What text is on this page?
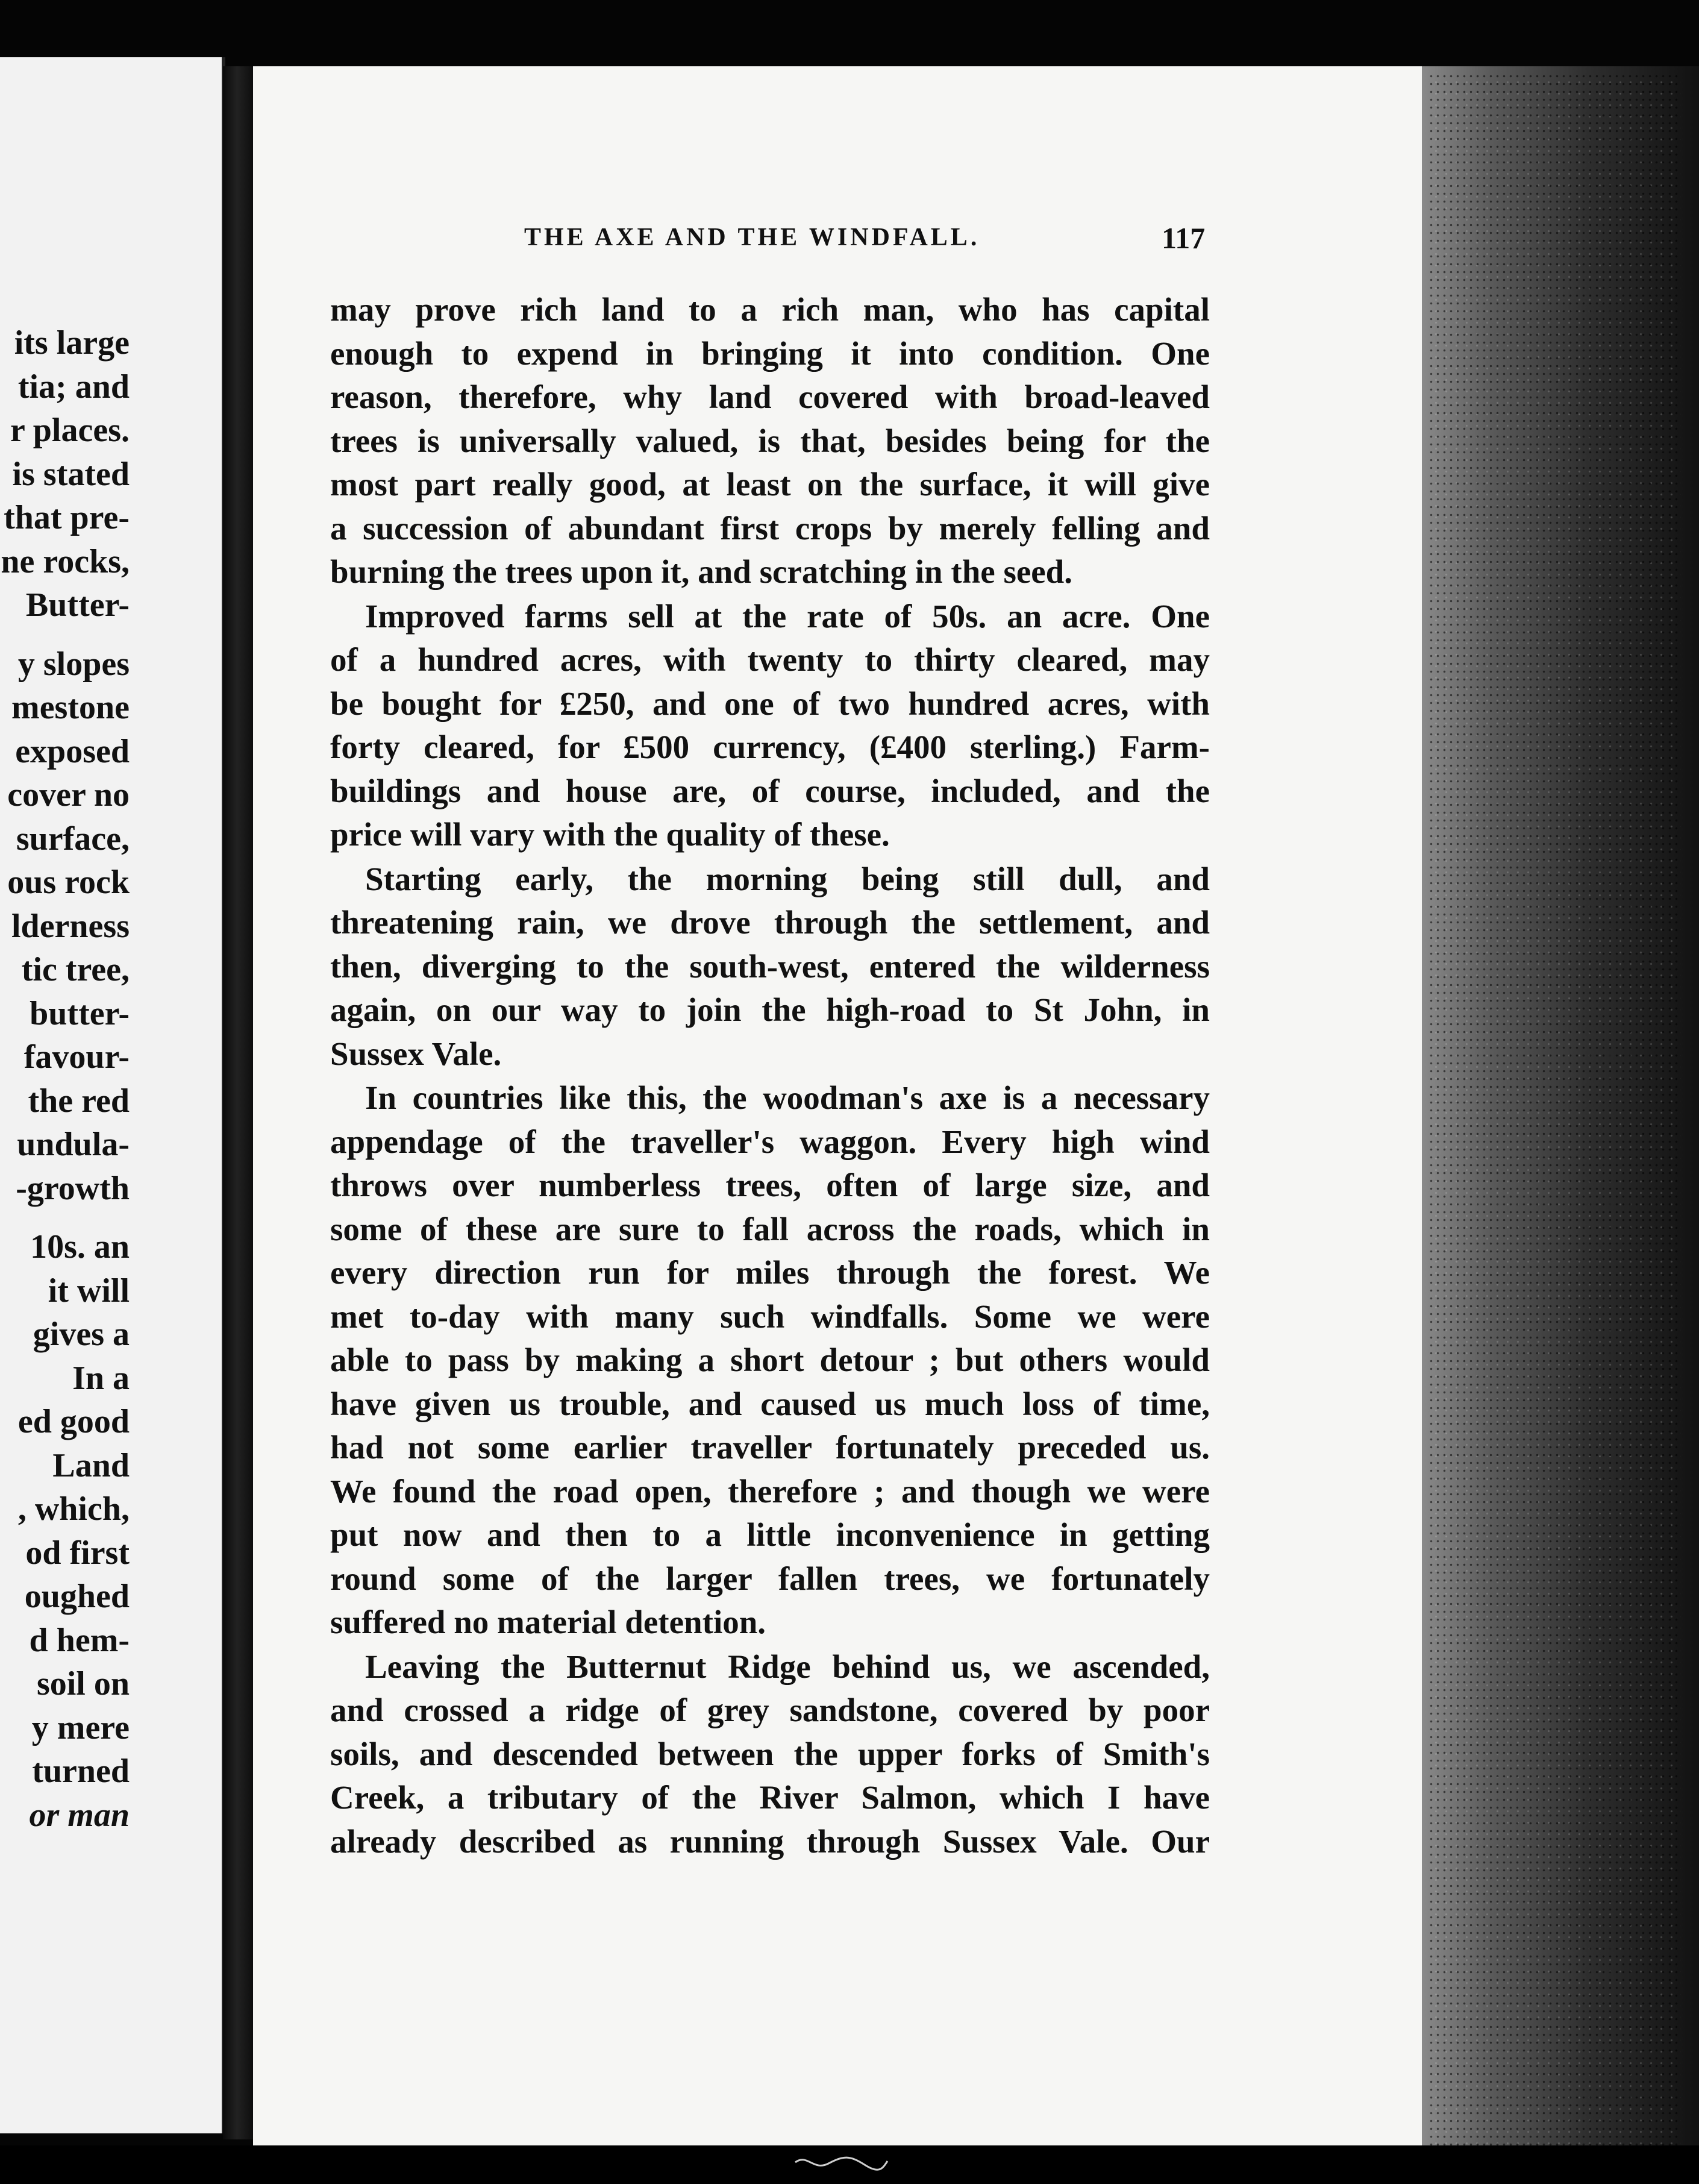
its large
tia; and
r places.
is stated
that pre-
ne rocks,
Butter-
y slopes
mestone
exposed
cover no
surface,
ous rock
lderness
tic tree,
butter-
favour-
the red
undula-
-growth
10s. an
it will
gives a
In a
ed good
Land
, which,
od first
oughed
d hem-
soil on
y mere
turned
or man
THE AXE AND THE WINDFALL.	117

may prove rich land to a rich man, who has capital
enough to expend in bringing it into condition. One
reason, therefore, why land covered with broad-leaved
trees is universally valued, is that, besides being for the
most part really good, at least on the surface, it will give
a succession of abundant first crops by merely felling and
burning the trees upon it, and scratching in the seed.

Improved farms sell at the rate of 50s. an acre. One
of a hundred acres, with twenty to thirty cleared, may
be bought for £250, and one of two hundred acres, with
forty cleared, for £500 currency, (£400 sterling.) Farm-
buildings and house are, of course, included, and the
price will vary with the quality of these.

Starting early, the morning being still dull, and
threatening rain, we drove through the settlement, and
then, diverging to the south-west, entered the wilderness
again, on our way to join the high-road to St John, in
Sussex Vale.

In countries like this, the woodman's axe is a necessary
appendage of the traveller's waggon. Every high wind
throws over numberless trees, often of large size, and
some of these are sure to fall across the roads, which in
every direction run for miles through the forest. We
met to-day with many such windfalls. Some we were
able to pass by making a short detour ; but others would
have given us trouble, and caused us much loss of time,
had not some earlier traveller fortunately preceded us.
We found the road open, therefore ; and though we were
put now and then to a little inconvenience in getting
round some of the larger fallen trees, we fortunately
suffered no material detention.

Leaving the Butternut Ridge behind us, we ascended,
and crossed a ridge of grey sandstone, covered by poor
soils, and descended between the upper forks of Smith's
Creek, a tributary of the River Salmon, which I have
already described as running through Sussex Vale. Our
